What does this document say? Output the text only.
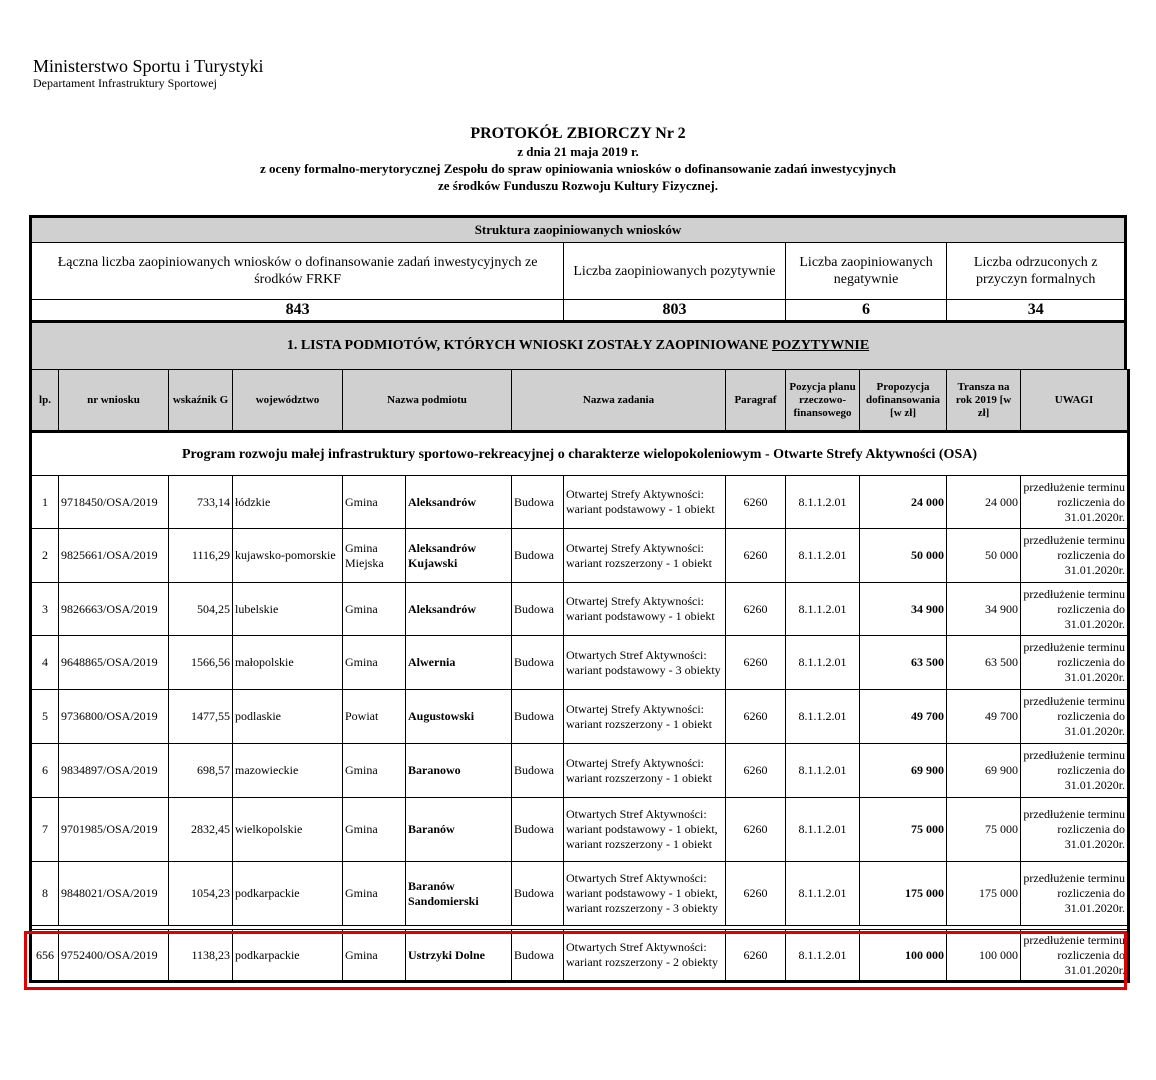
Ministerstwo Sportu i Turystyki
Departament Infrastruktury Sportowej
PROTOKÓŁ ZBIORCZY Nr 2
z dnia 21 maja 2019 r.
z oceny formalno-merytorycznej Zespołu do spraw opiniowania wniosków o dofinansowanie zadań inwestycyjnych
ze środków Funduszu Rozwoju Kultury Fizycznej.
Struktura zaopiniowanych wniosków			
Łączna liczba zaopiniowanych wniosków o dofinansowanie zadań inwestycyjnych ze środków FRKF	Liczba zaopiniowanych pozytywnie	Liczba zaopiniowanych negatywnie	Liczba odrzuconych z przyczyn formalnych
843	803	6	34
1. LISTA PODMIOTÓW, KTÓRYCH WNIOSKI ZOSTAŁY ZAOPINIOWANE POZYTYWNIE			
lp.	nr wniosku	wskaźnik G	województwo	Nazwa podmiotu		Nazwa zadania		Paragraf	Pozycja planu rzeczowo-finansowego	Propozycja dofinansowania [w zł]	Transza na rok 2019 [w zł]	UWAGI
Program rozwoju małej infrastruktury sportowo-rekreacyjnej o charakterze wielopokoleniowym - Otwarte Strefy Aktywności (OSA)												
1	9718450/OSA/2019	733,14	łódzkie	Gmina	Aleksandrów	Budowa	Otwartej Strefy Aktywności: wariant podstawowy - 1 obiekt	6260	8.1.1.2.01	24 000	24 000	przedłużenie terminu rozliczenia do 31.01.2020r.
2	9825661/OSA/2019	1116,29	kujawsko-pomorskie	Gmina Miejska	Aleksandrów Kujawski	Budowa	Otwartej Strefy Aktywności: wariant rozszerzony - 1 obiekt	6260	8.1.1.2.01	50 000	50 000	przedłużenie terminu rozliczenia do 31.01.2020r.
3	9826663/OSA/2019	504,25	lubelskie	Gmina	Aleksandrów	Budowa	Otwartej Strefy Aktywności: wariant podstawowy - 1 obiekt	6260	8.1.1.2.01	34 900	34 900	przedłużenie terminu rozliczenia do 31.01.2020r.
4	9648865/OSA/2019	1566,56	małopolskie	Gmina	Alwernia	Budowa	Otwartych Stref Aktywności: wariant podstawowy - 3 obiekty	6260	8.1.1.2.01	63 500	63 500	przedłużenie terminu rozliczenia do 31.01.2020r.
5	9736800/OSA/2019	1477,55	podlaskie	Powiat	Augustowski	Budowa	Otwartej Strefy Aktywności: wariant rozszerzony - 1 obiekt	6260	8.1.1.2.01	49 700	49 700	przedłużenie terminu rozliczenia do 31.01.2020r.
6	9834897/OSA/2019	698,57	mazowieckie	Gmina	Baranowo	Budowa	Otwartej Strefy Aktywności: wariant rozszerzony - 1 obiekt	6260	8.1.1.2.01	69 900	69 900	przedłużenie terminu rozliczenia do 31.01.2020r.
7	9701985/OSA/2019	2832,45	wielkopolskie	Gmina	Baranów	Budowa	Otwartych Stref Aktywności: wariant podstawowy - 1 obiekt, wariant rozszerzony - 1 obiekt	6260	8.1.1.2.01	75 000	75 000	przedłużenie terminu rozliczenia do 31.01.2020r.
8	9848021/OSA/2019	1054,23	podkarpackie	Gmina	Baranów Sandomierski	Budowa	Otwartych Stref Aktywności: wariant podstawowy - 1 obiekt, wariant rozszerzony - 3 obiekty	6260	8.1.1.2.01	175 000	175 000	przedłużenie terminu rozliczenia do 31.01.2020r.

656	9752400/OSA/2019	1138,23	podkarpackie	Gmina	Ustrzyki Dolne	Budowa	Otwartych Stref Aktywności: wariant rozszerzony - 2 obiekty	6260	8.1.1.2.01	100 000	100 000	przedłużenie terminu rozliczenia do 31.01.2020r.
